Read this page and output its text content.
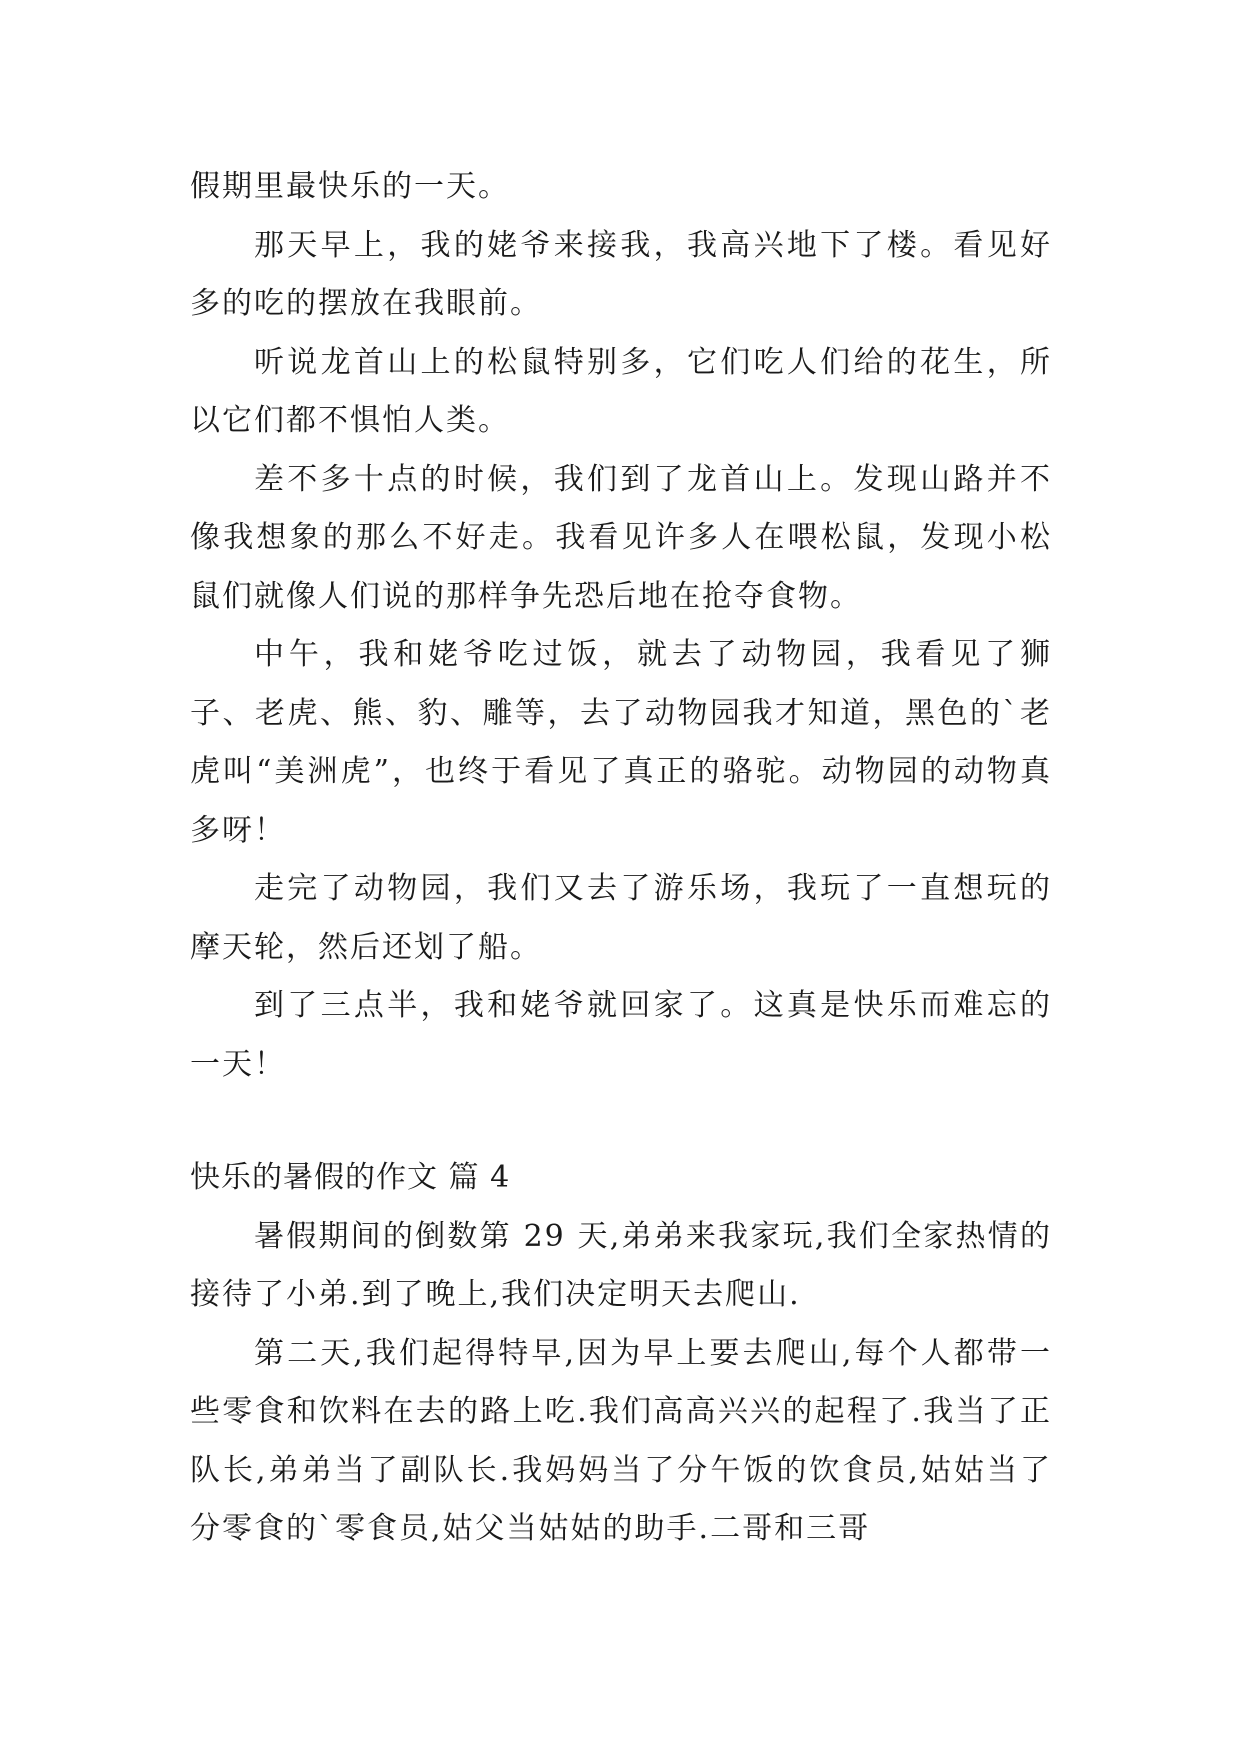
假期里最快乐的一天。

那天早上，我的姥爷来接我，我高兴地下了楼。看见好多的吃的摆放在我眼前。

听说龙首山上的松鼠特别多，它们吃人们给的花生，所以它们都不惧怕人类。

差不多十点的时候，我们到了龙首山上。发现山路并不像我想象的那么不好走。我看见许多人在喂松鼠，发现小松鼠们就像人们说的那样争先恐后地在抢夺食物。

中午，我和姥爷吃过饭，就去了动物园，我看见了狮子、老虎、熊、豹、雕等，去了动物园我才知道，黑色的`老虎叫“美洲虎”，也终于看见了真正的骆驼。动物园的动物真多呀！

走完了动物园，我们又去了游乐场，我玩了一直想玩的摩天轮，然后还划了船。

到了三点半，我和姥爷就回家了。这真是快乐而难忘的一天！

快乐的暑假的作文 篇 4

暑假期间的倒数第 29 天,弟弟来我家玩,我们全家热情的接待了小弟.到了晚上,我们决定明天去爬山.

第二天,我们起得特早,因为早上要去爬山,每个人都带一些零食和饮料在去的路上吃.我们高高兴兴的起程了.我当了正队长,弟弟当了副队长.我妈妈当了分午饭的饮食员,姑姑当了分零食的`零食员,姑父当姑姑的助手.二哥和三哥
